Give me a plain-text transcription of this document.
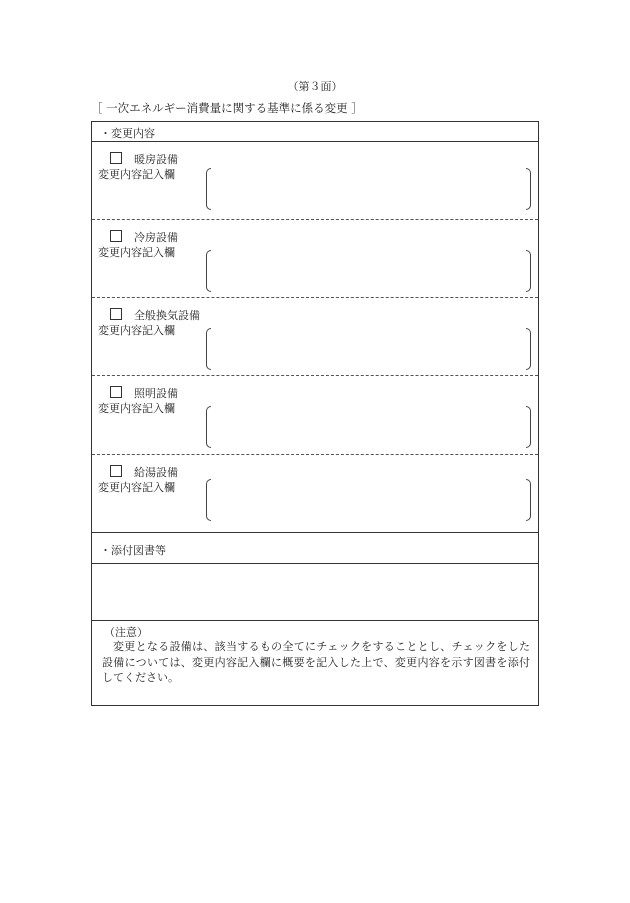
（第３面）
［ 一次エネルギー消費量に関する基準に係る変更 ］
・変更内容
暖房設備
変更内容記入欄
冷房設備
変更内容記入欄
全般換気設備
変更内容記入欄
照明設備
変更内容記入欄
給湯設備
変更内容記入欄
・添付図書等
（注意）
変更となる設備は、該当するもの全てにチェックをすることとし、チェックをした設備については、変更内容記入欄に概要を記入した上で、変更内容を示す図書を添付してください。
